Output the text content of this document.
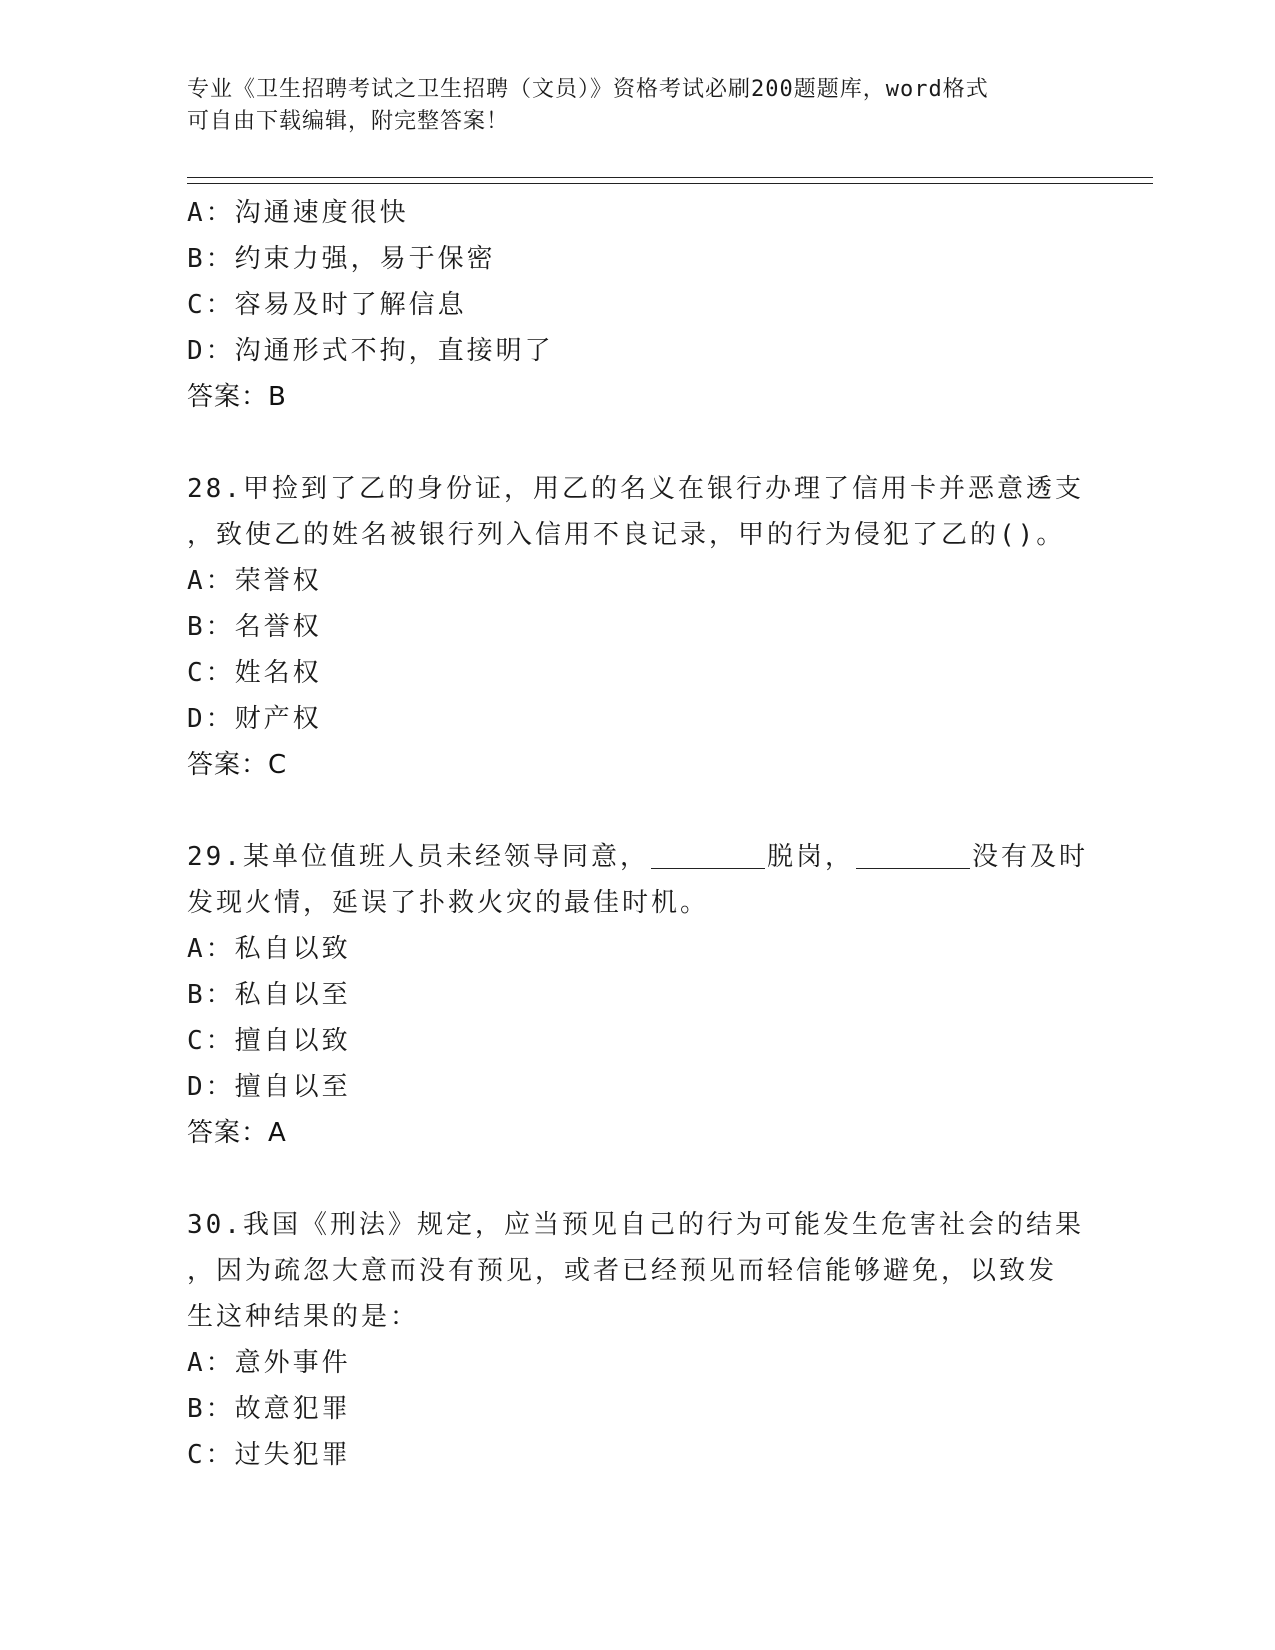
专业《卫生招聘考试之卫生招聘（文员）》资格考试必刷200题题库，word格式
可自由下载编辑，附完整答案！
A：沟通速度很快
B：约束力强，易于保密
C：容易及时了解信息
D：沟通形式不拘，直接明了
答案：B
28.甲捡到了乙的身份证，用乙的名义在银行办理了信用卡并恶意透支
，致使乙的姓名被银行列入信用不良记录，甲的行为侵犯了乙的()。
A：荣誉权
B：名誉权
C：姓名权
D：财产权
答案：C
29.某单位值班人员未经领导同意，	脱岗，	没有及时
发现火情，延误了扑救火灾的最佳时机。
A：私自以致
B：私自以至
C：擅自以致
D：擅自以至
答案：A
30.我国《刑法》规定，应当预见自己的行为可能发生危害社会的结果
，因为疏忽大意而没有预见，或者已经预见而轻信能够避免，以致发
生这种结果的是：
A：意外事件
B：故意犯罪
C：过失犯罪
